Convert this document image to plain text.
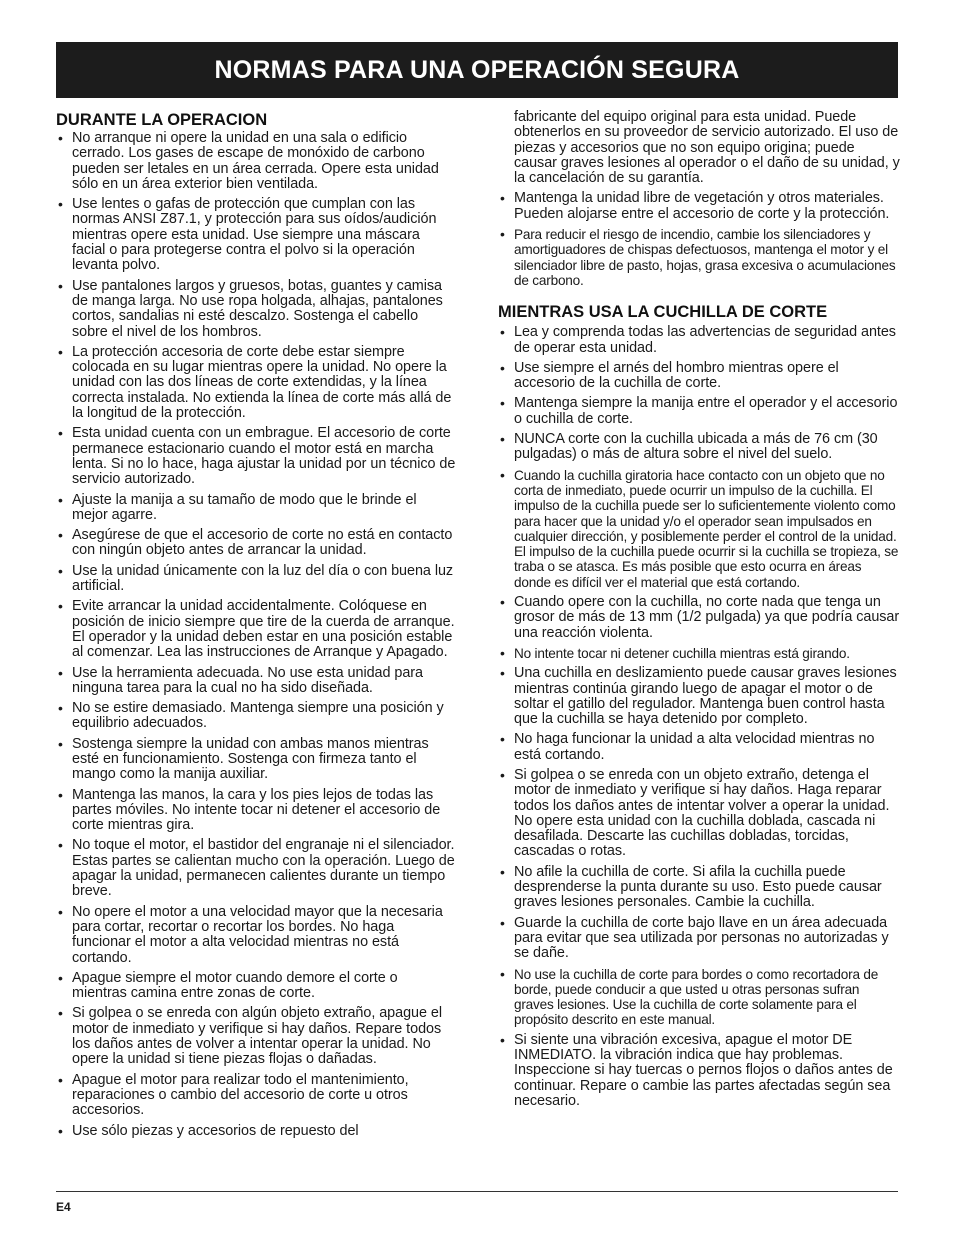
NORMAS PARA UNA OPERACIÓN SEGURA
DURANTE LA OPERACION
• No arranque ni opere la unidad en una sala o edificio cerrado. Los gases de escape de monóxido de carbono pueden ser letales en un área cerrada. Opere esta unidad sólo en un área exterior bien ventilada.
• Use lentes o gafas de protección que cumplan con las normas ANSI Z87.1, y protección para sus oídos/audición mientras opere esta unidad. Use siempre una máscara facial o para protegerse contra el polvo si la operación levanta polvo.
• Use pantalones largos y gruesos, botas, guantes y camisa de manga larga. No use ropa holgada, alhajas, pantalones cortos, sandalias ni esté descalzo. Sostenga el cabello sobre el nivel de los hombros.
• La protección accesoria de corte debe estar siempre colocada en su lugar mientras opere la unidad. No opere la unidad con las dos líneas de corte extendidas, y la línea correcta instalada. No extienda la línea de corte más allá de la longitud de la protección.
• Esta unidad cuenta con un embrague. El accesorio de corte permanece estacionario cuando el motor está en marcha lenta. Si no lo hace, haga ajustar la unidad por un técnico de servicio autorizado.
• Ajuste la manija a su tamaño de modo que le brinde el mejor agarre.
• Asegúrese de que el accesorio de corte no está en contacto con ningún objeto antes de arrancar la unidad.
• Use la unidad únicamente con la luz del día o con buena luz artificial.
• Evite arrancar la unidad accidentalmente. Colóquese en posición de inicio siempre que tire de la cuerda de arranque. El operador y la unidad deben estar en una posición estable al comenzar. Lea las instrucciones de Arranque y Apagado.
• Use la herramienta adecuada. No use esta unidad para ninguna tarea para la cual no ha sido diseñada.
• No se estire demasiado. Mantenga siempre una posición y equilibrio adecuados.
• Sostenga siempre la unidad con ambas manos mientras esté en funcionamiento. Sostenga con firmeza tanto el mango como la manija auxiliar.
• Mantenga las manos, la cara y los pies lejos de todas las partes móviles. No intente tocar ni detener el accesorio de corte mientras gira.
• No toque el motor, el bastidor del engranaje ni el silenciador. Estas partes se calientan mucho con la operación. Luego de apagar la unidad, permanecen calientes durante un tiempo breve.
• No opere el motor a una velocidad mayor que la necesaria para cortar, recortar o recortar los bordes. No haga funcionar el motor a alta velocidad mientras no está cortando.
• Apague siempre el motor cuando demore el corte o mientras camina entre zonas de corte.
• Si golpea o se enreda con algún objeto extraño, apague el motor de inmediato y verifique si hay daños. Repare todos los daños antes de volver a intentar operar la unidad. No opere la unidad si tiene piezas flojas o dañadas.
• Apague el motor para realizar todo el mantenimiento, reparaciones o cambio del accesorio de corte u otros accesorios.
• Use sólo piezas y accesorios de repuesto del

fabricante del equipo original para esta unidad. Puede obtenerlos en su proveedor de servicio autorizado. El uso de piezas y accesorios que no son equipo origina; puede causar graves lesiones al operador o el daño de su unidad, y la cancelación de su garantía.

• Mantenga la unidad libre de vegetación y otros materiales. Pueden alojarse entre el accesorio de corte y la protección.
• Para reducir el riesgo de incendio, cambie los silenciadores y amortiguadores de chispas defectuosos, mantenga el motor y el silenciador libre de pasto, hojas, grasa excesiva o acumulaciones de carbono.
MIENTRAS USA LA CUCHILLA DE CORTE
• Lea y comprenda todas las advertencias de seguridad antes de operar esta unidad.
• Use siempre el arnés del hombro mientras opere el accesorio de la cuchilla de corte.
• Mantenga siempre la manija entre el operador y el accesorio o cuchilla de corte.
• NUNCA corte con la cuchilla ubicada a más de 76 cm (30 pulgadas) o más de altura sobre el nivel del suelo.
• Cuando la cuchilla giratoria hace contacto con un objeto que no corta de inmediato, puede ocurrir un impulso de la cuchilla. El impulso de la cuchilla puede ser lo suficientemente violento como para hacer que la unidad y/o el operador sean impulsados en cualquier dirección, y posiblemente perder el control de la unidad. El impulso de la cuchilla puede ocurrir si la cuchilla se tropieza, se traba o se atasca. Es más posible que esto ocurra en áreas donde es difícil ver el material que está cortando.
• Cuando opere con la cuchilla, no corte nada que tenga un grosor de más de 13 mm (1/2 pulgada) ya que podría causar una reacción violenta.
• No intente tocar ni detener cuchilla mientras está girando.
• Una cuchilla en deslizamiento puede causar graves lesiones mientras continúa girando luego de apagar el motor o de soltar el gatillo del regulador. Mantenga buen control hasta que la cuchilla se haya detenido por completo.
• No haga funcionar la unidad a alta velocidad mientras no está cortando.
• Si golpea o se enreda con un objeto extraño, detenga el motor de inmediato y verifique si hay daños. Haga reparar todos los daños antes de intentar volver a operar la unidad. No opere esta unidad con la cuchilla doblada, cascada ni desafilada. Descarte las cuchillas dobladas, torcidas, cascadas o rotas.
• No afile la cuchilla de corte. Si afila la cuchilla puede desprenderse la punta durante su uso. Esto puede causar graves lesiones personales. Cambie la cuchilla.
• Guarde la cuchilla de corte bajo llave en un área adecuada para evitar que sea utilizada por personas no autorizadas y se dañe.
• No use la cuchilla de corte para bordes o como recortadora de borde, puede conducir a que usted u otras personas sufran graves lesiones. Use la cuchilla de corte solamente para el propósito descrito en este manual.
• Si siente una vibración excesiva, apague el motor DE INMEDIATO. la vibración indica que hay problemas. Inspeccione si hay tuercas o pernos flojos o daños antes de continuar. Repare o cambie las partes afectadas según sea necesario.
E4
